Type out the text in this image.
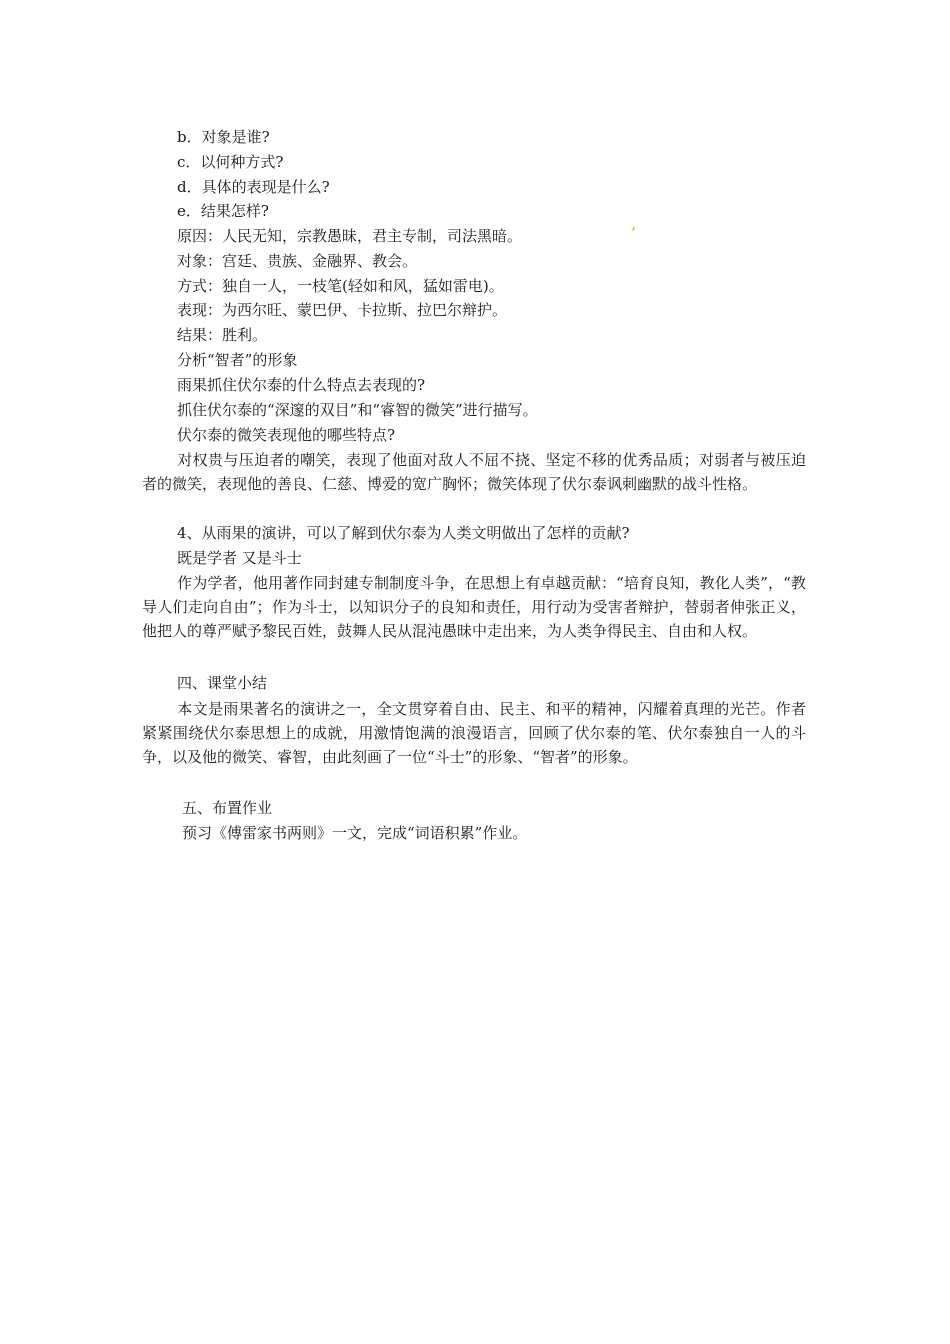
b．对象是谁?
c．以何种方式?
d．具体的表现是什么?
e．结果怎样?
原因：人民无知，宗教愚昧，君主专制，司法黑暗。	‘
对象：宫廷、贵族、金融界、教会。
方式：独自一人，一枝笔(轻如和风，猛如雷电)。
表现：为西尔旺、蒙巴伊、卡拉斯、拉巴尔辩护。
结果：胜利。
分析“智者”的形象
雨果抓住伏尔泰的什么特点去表现的?
抓住伏尔泰的“深邃的双目”和“睿智的微笑”进行描写。
伏尔泰的微笑表现他的哪些特点?
对权贵与压迫者的嘲笑，表现了他面对敌人不屈不挠、坚定不移的优秀品质；对弱者与被压迫者的微笑，表现他的善良、仁慈、博爱的宽广胸怀；微笑体现了伏尔泰讽刺幽默的战斗性格。
4、从雨果的演讲，可以了解到伏尔泰为人类文明做出了怎样的贡献?
既是学者 又是斗士
作为学者，他用著作同封建专制制度斗争，在思想上有卓越贡献：“培育良知，教化人类”，“教导人们走向自由”；作为斗士，以知识分子的良知和责任，用行动为受害者辩护，替弱者伸张正义，他把人的尊严赋予黎民百姓，鼓舞人民从混沌愚昧中走出来，为人类争得民主、自由和人权。
四、课堂小结
本文是雨果著名的演讲之一，全文贯穿着自由、民主、和平的精神，闪耀着真理的光芒。作者紧紧围绕伏尔泰思想上的成就，用激情饱满的浪漫语言，回顾了伏尔泰的笔、伏尔泰独自一人的斗争，以及他的微笑、睿智，由此刻画了一位“斗士”的形象、“智者”的形象。
五、布置作业
预习《傅雷家书两则》一文，完成“词语积累”作业。
